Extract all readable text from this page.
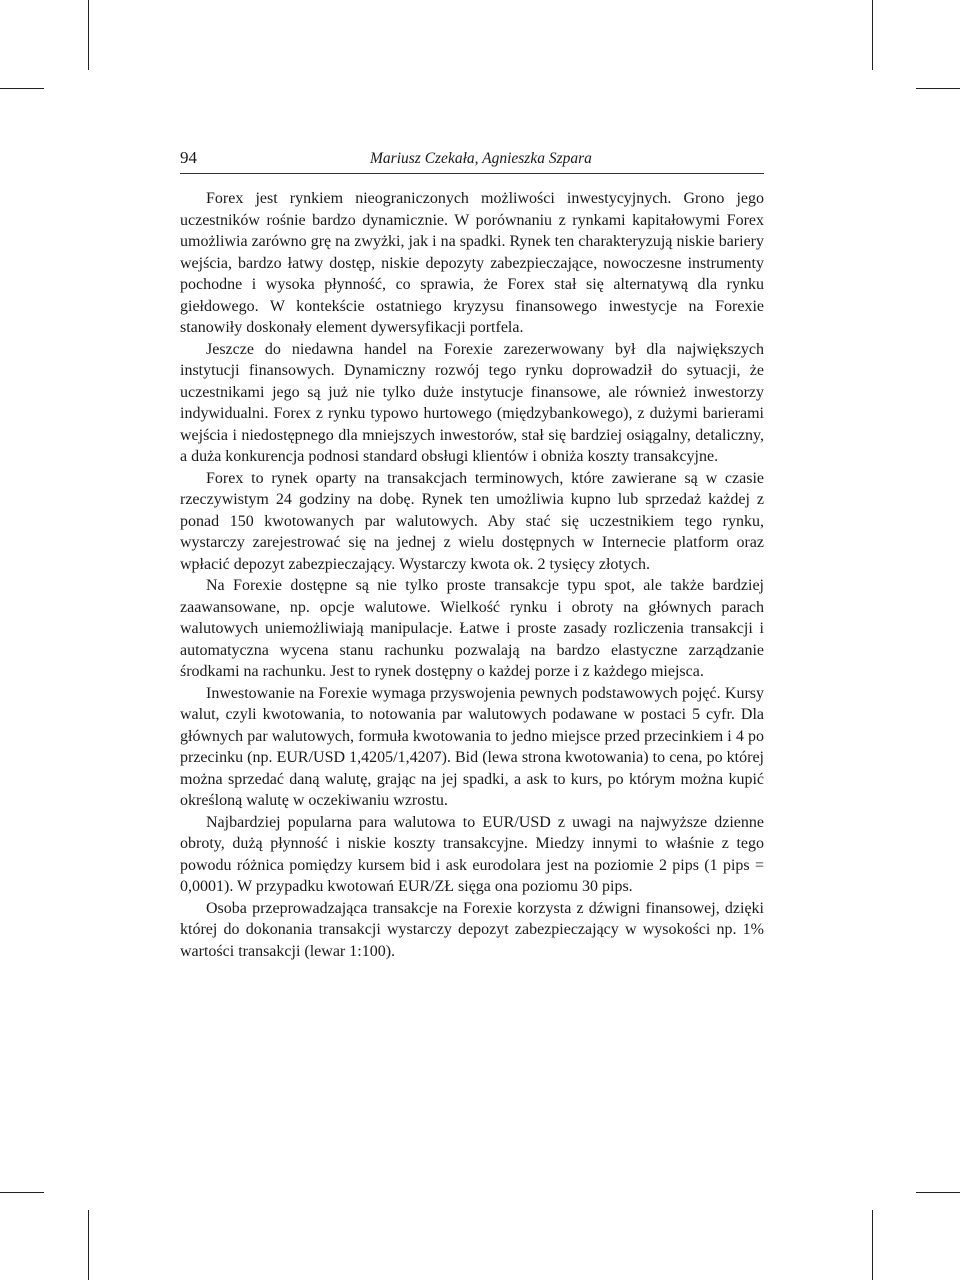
94	Mariusz Czekała, Agnieszka Szpara

Forex jest rynkiem nieograniczonych możliwości inwestycyjnych. Grono jego uczestników rośnie bardzo dynamicznie. W porównaniu z rynkami kapitałowymi Forex umożliwia zarówno grę na zwyżki, jak i na spadki. Rynek ten charakteryzują niskie bariery wejścia, bardzo łatwy dostęp, niskie depozyty zabezpieczające, nowoczesne instrumenty pochodne i wysoka płynność, co sprawia, że Forex stał się alternatywą dla rynku giełdowego. W kontekście ostatniego kryzysu finansowego inwestycje na Forexie stanowiły doskonały element dywersyfikacji portfela.

Jeszcze do niedawna handel na Forexie zarezerwowany był dla największych instytucji finansowych. Dynamiczny rozwój tego rynku doprowadził do sytuacji, że uczestnikami jego są już nie tylko duże instytucje finansowe, ale również inwestorzy indywidualni. Forex z rynku typowo hurtowego (międzybankowego), z dużymi barierami wejścia i niedostępnego dla mniejszych inwestorów, stał się bardziej osiągalny, detaliczny, a duża konkurencja podnosi standard obsługi klientów i obniża koszty transakcyjne.

Forex to rynek oparty na transakcjach terminowych, które zawierane są w czasie rzeczywistym 24 godziny na dobę. Rynek ten umożliwia kupno lub sprzedaż każdej z ponad 150 kwotowanych par walutowych. Aby stać się uczestnikiem tego rynku, wystarczy zarejestrować się na jednej z wielu dostępnych w Internecie platform oraz wpłacić depozyt zabezpieczający. Wystarczy kwota ok. 2 tysięcy złotych.

Na Forexie dostępne są nie tylko proste transakcje typu spot, ale także bardziej zaawansowane, np. opcje walutowe. Wielkość rynku i obroty na głównych parach walutowych uniemożliwiają manipulacje. Łatwe i proste zasady rozliczenia transakcji i automatyczna wycena stanu rachunku pozwalają na bardzo elastyczne zarządzanie środkami na rachunku. Jest to rynek dostępny o każdej porze i z każdego miejsca.

Inwestowanie na Forexie wymaga przyswojenia pewnych podstawowych pojęć. Kursy walut, czyli kwotowania, to notowania par walutowych podawane w postaci 5 cyfr. Dla głównych par walutowych, formuła kwotowania to jedno miejsce przed przecinkiem i 4 po przecinku (np. EUR/USD 1,4205/1,4207). Bid (lewa strona kwotowania) to cena, po której można sprzedać daną walutę, grając na jej spadki, a ask to kurs, po którym można kupić określoną walutę w oczekiwaniu wzrostu.

Najbardziej popularna para walutowa to EUR/USD z uwagi na najwyższe dzienne obroty, dużą płynność i niskie koszty transakcyjne. Miedzy innymi to właśnie z tego powodu różnica pomiędzy kursem bid i ask eurodolara jest na poziomie 2 pips (1 pips = 0,0001). W przypadku kwotowań EUR/ZŁ sięga ona poziomu 30 pips.

Osoba przeprowadzająca transakcje na Forexie korzysta z dźwigni finansowej, dzięki której do dokonania transakcji wystarczy depozyt zabezpieczający w wysokości np. 1% wartości transakcji (lewar 1:100).
